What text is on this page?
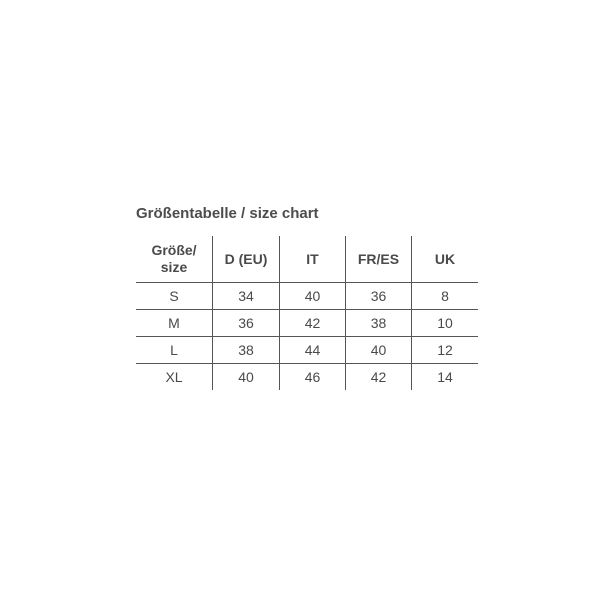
Größentabelle / size chart
Größe/
size	D (EU)	IT	FR/ES	UK
S	34	40	36	8
M	36	42	38	10
L	38	44	40	12
XL	40	46	42	14
